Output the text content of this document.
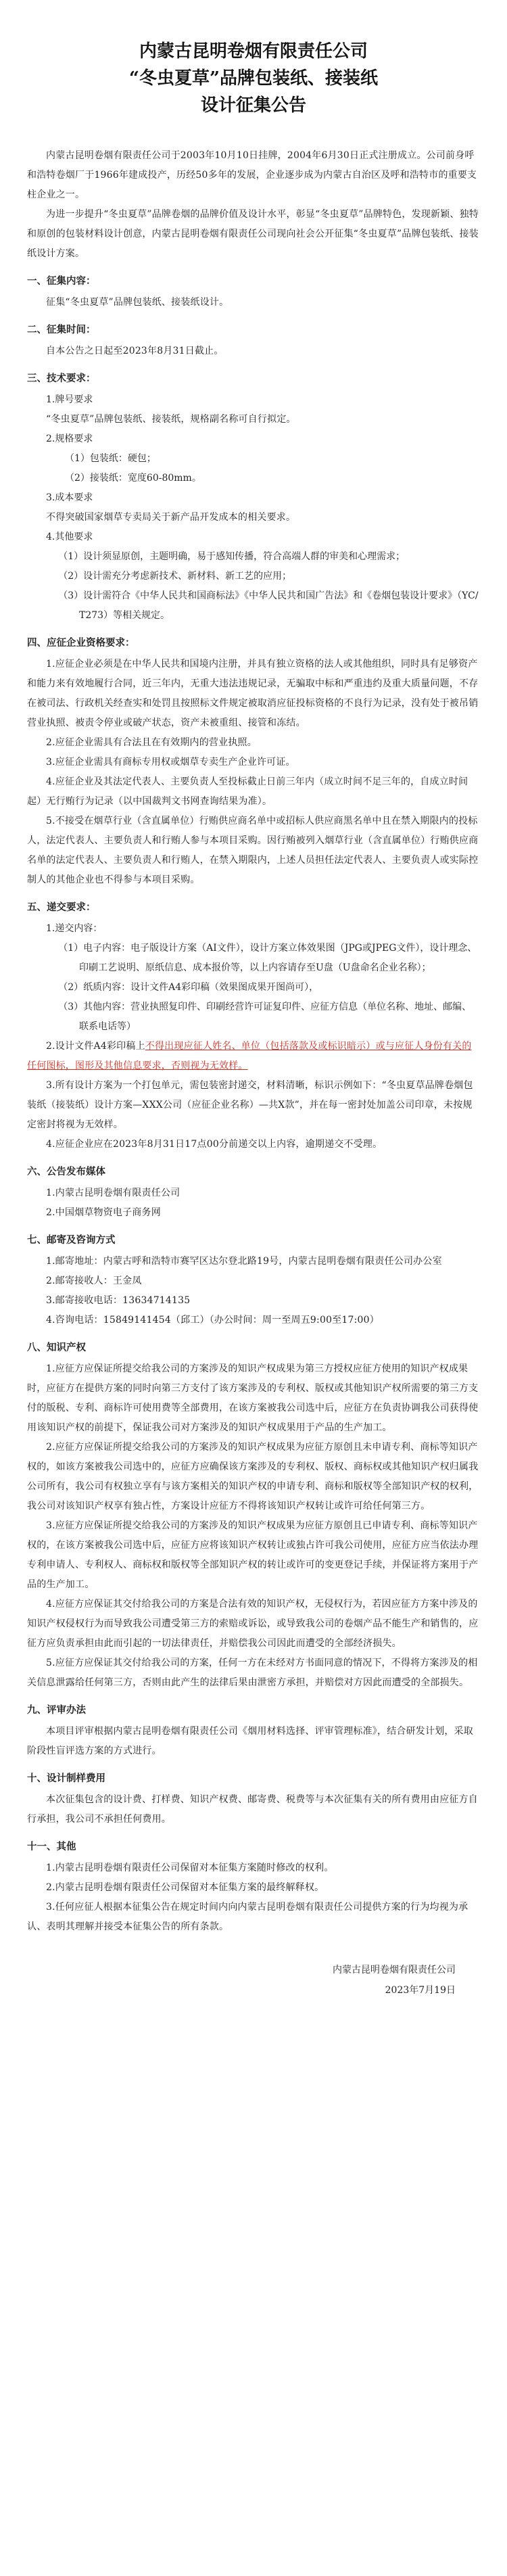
内蒙古昆明卷烟有限责任公司
“冬虫夏草”品牌包装纸、接装纸
设计征集公告

内蒙古昆明卷烟有限责任公司于2003年10月10日挂牌，2004年6月30日正式注册成立。公司前身呼和浩特卷烟厂于1966年建成投产，历经50多年的发展，企业逐步成为内蒙古自治区及呼和浩特市的重要支柱企业之一。

为进一步提升“冬虫夏草”品牌卷烟的品牌价值及设计水平，彰显“冬虫夏草”品牌特色，发现新颖、独特和原创的包装材料设计创意，内蒙古昆明卷烟有限责任公司现向社会公开征集“冬虫夏草”品牌包装纸、接装纸设计方案。

一、征集内容：

征集“冬虫夏草”品牌包装纸、接装纸设计。

二、征集时间：

自本公告之日起至2023年8月31日截止。

三、技术要求：
1.牌号要求

“冬虫夏草”品牌包装纸、接装纸，规格副名称可自行拟定。

2.规格要求
（1）包装纸：硬包；
（2）接装纸：宽度60-80mm。
3.成本要求

不得突破国家烟草专卖局关于新产品开发成本的相关要求。

4.其他要求

（1）设计须显原创，主题明确，易于感知传播，符合高端人群的审美和心理需求；

（2）设计需充分考虑新技术、新材料、新工艺的应用；

（3）设计需符合《中华人民共和国商标法》《中华人民共和国广告法》和《卷烟包装设计要求》（YC/T273）等相关规定。

四、应征企业资格要求：

1.应征企业必须是在中华人民共和国境内注册，并具有独立资格的法人或其他组织，同时具有足够资产和能力来有效地履行合同，近三年内，无重大违法违规记录，无骗取中标和严重违约及重大质量问题，不存在被司法、行政机关经查实和处罚且按照标文件规定被取消应征投标资格的不良行为记录，没有处于被吊销营业执照、被责令停业或破产状态，资产未被重组、接管和冻结。

2.应征企业需具有合法且在有效期内的营业执照。

3.应征企业需具有商标专用权或烟草专卖生产企业许可证。

4.应征企业及其法定代表人、主要负责人至投标截止日前三年内（成立时间不足三年的，自成立时间起）无行贿行为记录（以中国裁判文书网查询结果为准）。

5.不接受在烟草行业（含直属单位）行贿供应商名单中或招标人供应商黑名单中且在禁入期限内的投标人，法定代表人、主要负责人和行贿人参与本项目采购。因行贿被列入烟草行业（含直属单位）行贿供应商名单的法定代表人、主要负责人和行贿人，在禁入期限内，上述人员担任法定代表人、主要负责人或实际控制人的其他企业也不得参与本项目采购。

五、递交要求：
1.递交内容：

（1）电子内容：电子版设计方案（AI文件），设计方案立体效果图（JPG或JPEG文件），设计理念、印刷工艺说明、原纸信息、成本报价等，以上内容请存至U盘（U盘命名企业名称）；

（2）纸质内容：设计文件A4彩印稿（效果图成果开图尚可），

（3）其他内容：营业执照复印件、印刷经营许可证复印件、应征方信息（单位名称、地址、邮编、联系电话等）

2.设计文件A4彩印稿上不得出现应征人姓名、单位（包括落款及或标识暗示）或与应征人身份有关的任何图标，图形及其他信息要求，否则视为无效样。

3.所有设计方案为一个打包单元，需包装密封递交，材料清晰，标识示例如下：“冬虫夏草品牌卷烟包装纸（接装纸）设计方案—XXX公司（应征企业名称）—共X款”，并在每一密封处加盖公司印章，未按规定密封将视为无效样。

4.应征企业应在2023年8月31日17点00分前递交以上内容，逾期递交不受理。

六、公告发布媒体

1.内蒙古昆明卷烟有限责任公司

2.中国烟草物资电子商务网

七、邮寄及咨询方式

1.邮寄地址：内蒙古呼和浩特市赛罕区达尔登北路19号，内蒙古昆明卷烟有限责任公司办公室

2.邮寄接收人：王金凤

3.邮寄接收电话：13634714135

4.咨询电话：15849141454（邱工）（办公时间：周一至周五9:00至17:00）

八、知识产权

1.应征方应保证所提交给我公司的方案涉及的知识产权成果为第三方授权应征方使用的知识产权成果时，应征方在提供方案的同时向第三方支付了该方案涉及的专利权、版权或其他知识产权所需要的第三方支付的版税、专利、商标许可使用费等全部费用，在该方案被我公司选中后，应征方在负责协调我公司获得使用该知识产权的前提下，保证我公司对方案涉及的知识产权成果用于产品的生产加工。

2.应征方应保证所提交给我公司的方案涉及的知识产权成果为应征方原创且未申请专利、商标等知识产权的，如该方案被我公司选中的，应征方应确保该方案涉及的专利权、版权、商标权或其他知识产权归属我公司所有，我公司有权独立享有与该方案相关的知识产权的申请专利、商标和版权等全部知识产权的权利，我公司对该知识产权享有独占性，方案设计应征方不得将该知识产权转让或许可给任何第三方。

3.应征方应保证所提交给我公司的方案涉及的知识产权成果为应征方原创且已申请专利、商标等知识产权的，在该方案被我公司选中后，应征方应将该知识产权转让或独占许可我公司使用，应征方应当依法办理专利申请人、专利权人、商标权和版权等全部知识产权的转让或许可的变更登记手续，并保证将方案用于产品的生产加工。

4.应征方应保证其交付给我公司的方案是合法有效的知识产权，无侵权行为，若因应征方方案中涉及的知识产权侵权行为而导致我公司遭受第三方的索赔或诉讼，或导致我公司的卷烟产品不能生产和销售的，应征方应负责承担由此而引起的一切法律责任，并赔偿我公司因此而遭受的全部经济损失。

5.应征方应保证其交付给我公司的方案，任何一方在未经对方书面同意的情况下，不得将方案涉及的相关信息泄露给任何第三方，否则由此产生的法律后果由泄密方承担，并赔偿对方因此而遭受的全部损失。

九、评审办法

本项目评审根据内蒙古昆明卷烟有限责任公司《烟用材料选择、评审管理标准》，结合研发计划，采取阶段性盲评选方案的方式进行。

十、设计制样费用

本次征集包含的设计费、打样费、知识产权费、邮寄费、税费等与本次征集有关的所有费用由应征方自行承担，我公司不承担任何费用。

十一、其他

1.内蒙古昆明卷烟有限责任公司保留对本征集方案随时修改的权利。

2.内蒙古昆明卷烟有限责任公司保留对本征集方案的最终解释权。

3.任何应征人根据本征集公告在规定时间内向内蒙古昆明卷烟有限责任公司提供方案的行为均视为承认、表明其理解并接受本征集公告的所有条款。

内蒙古昆明卷烟有限责任公司
2023年7月19日
